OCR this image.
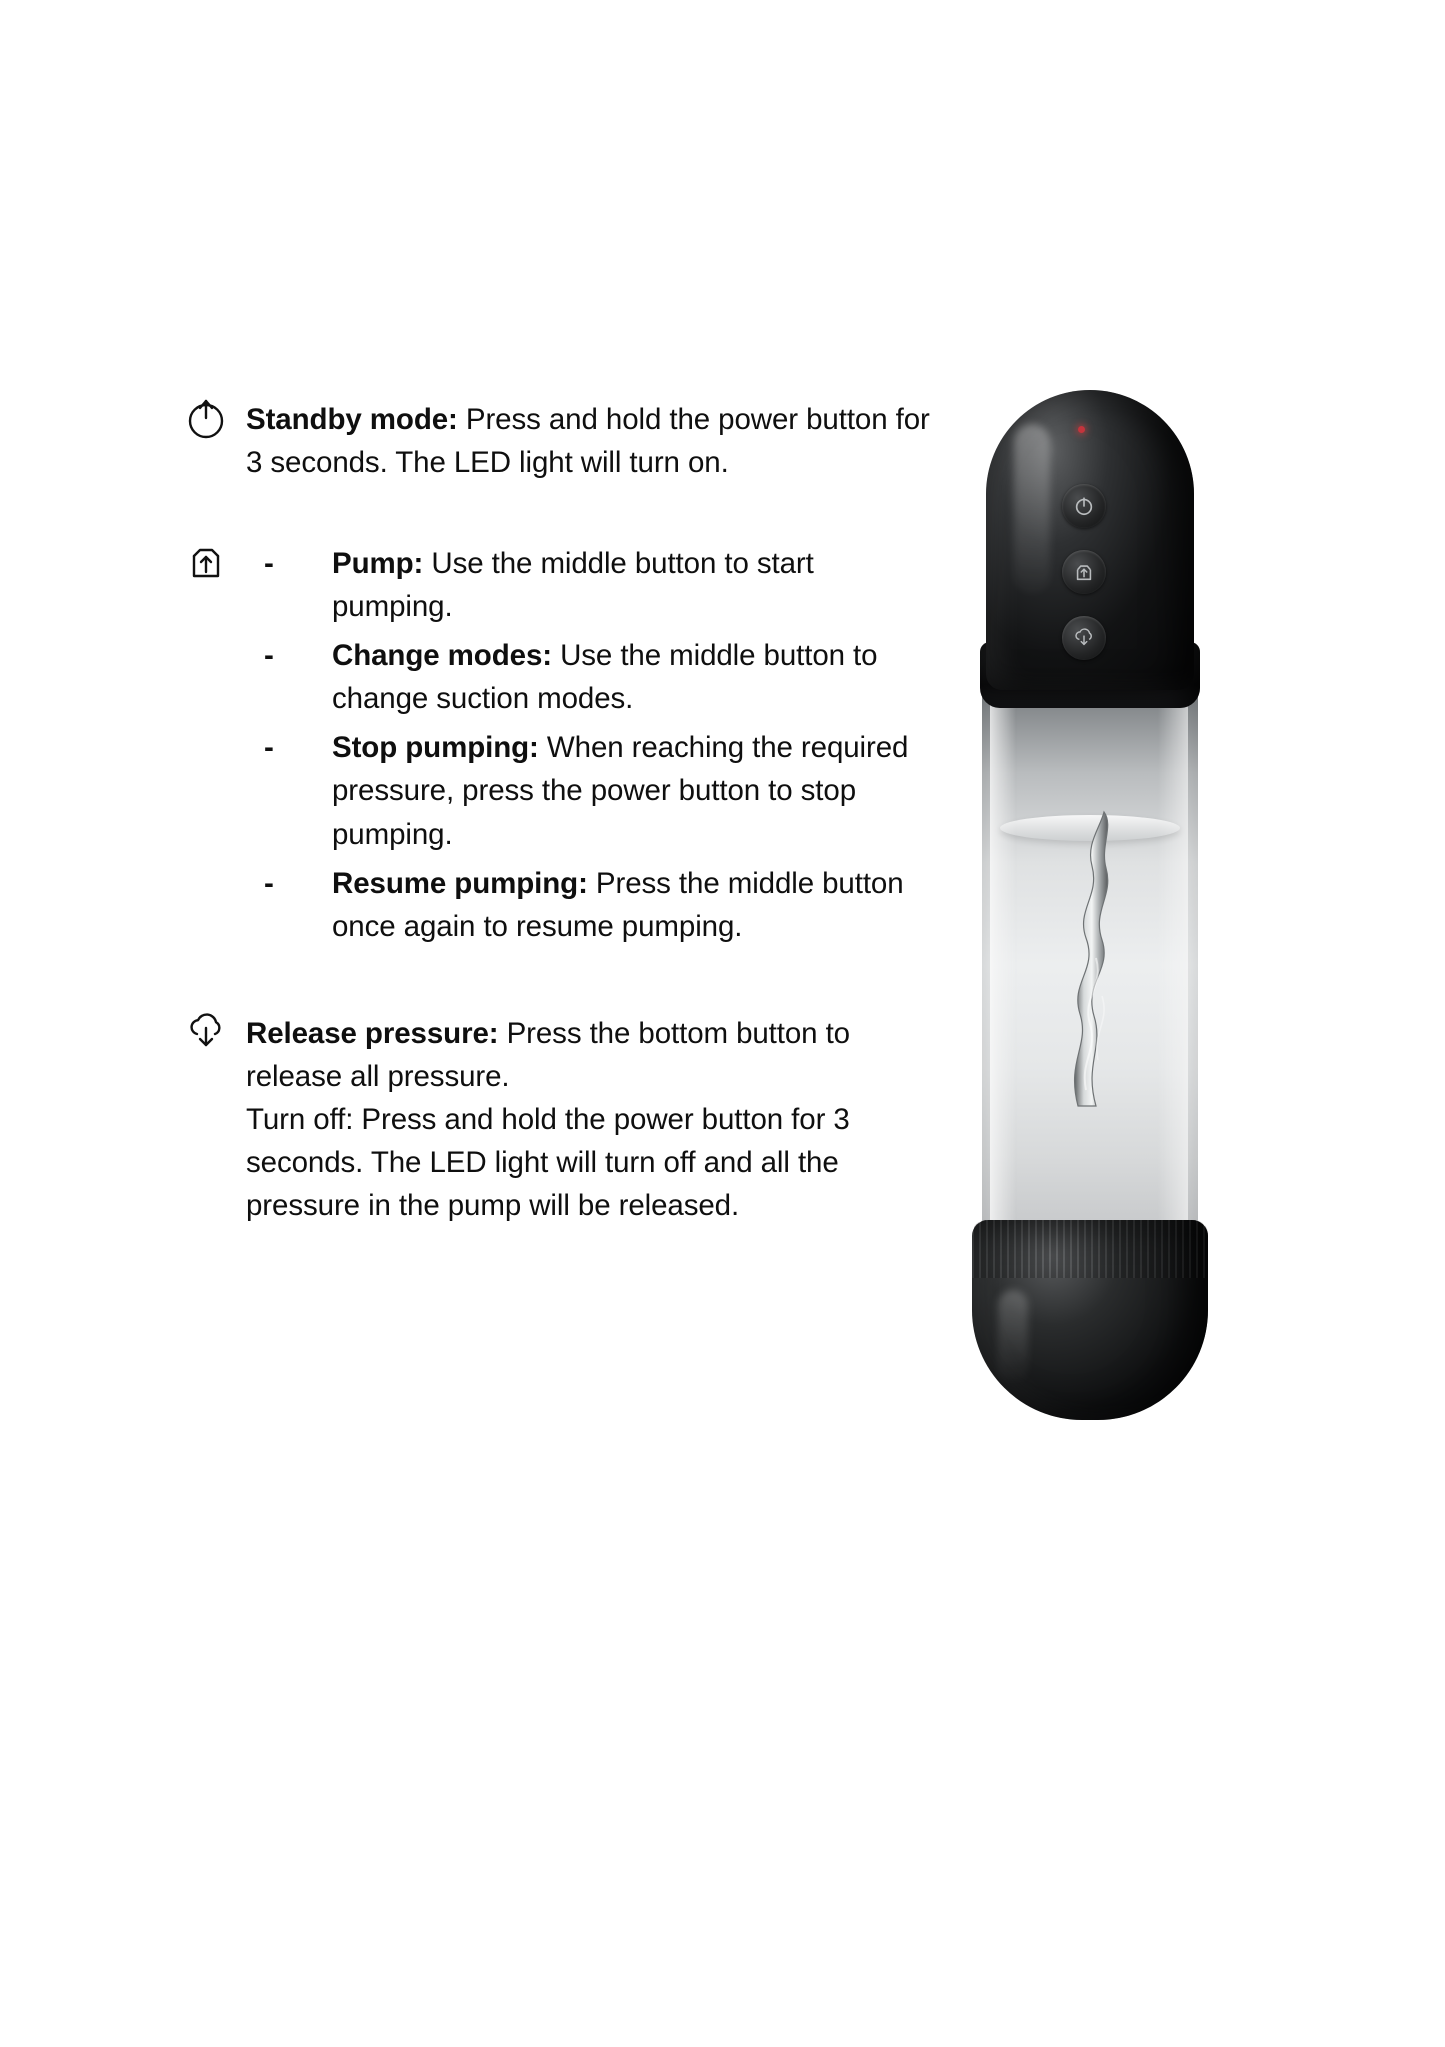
Standby mode: Press and hold the power button for 3 seconds. The LED light will turn on.

- Pump: Use the middle button to start pumping.
- Change modes: Use the middle button to change suction modes.
- Stop pumping: When reaching the required pressure, press the power button to stop pumping.
- Resume pumping: Press the middle button once again to resume pumping.

Release pressure: Press the bottom button to release all pressure.

Turn off: Press and hold the power button for 3 seconds. The LED light will turn off and all the pressure in the pump will be released.
